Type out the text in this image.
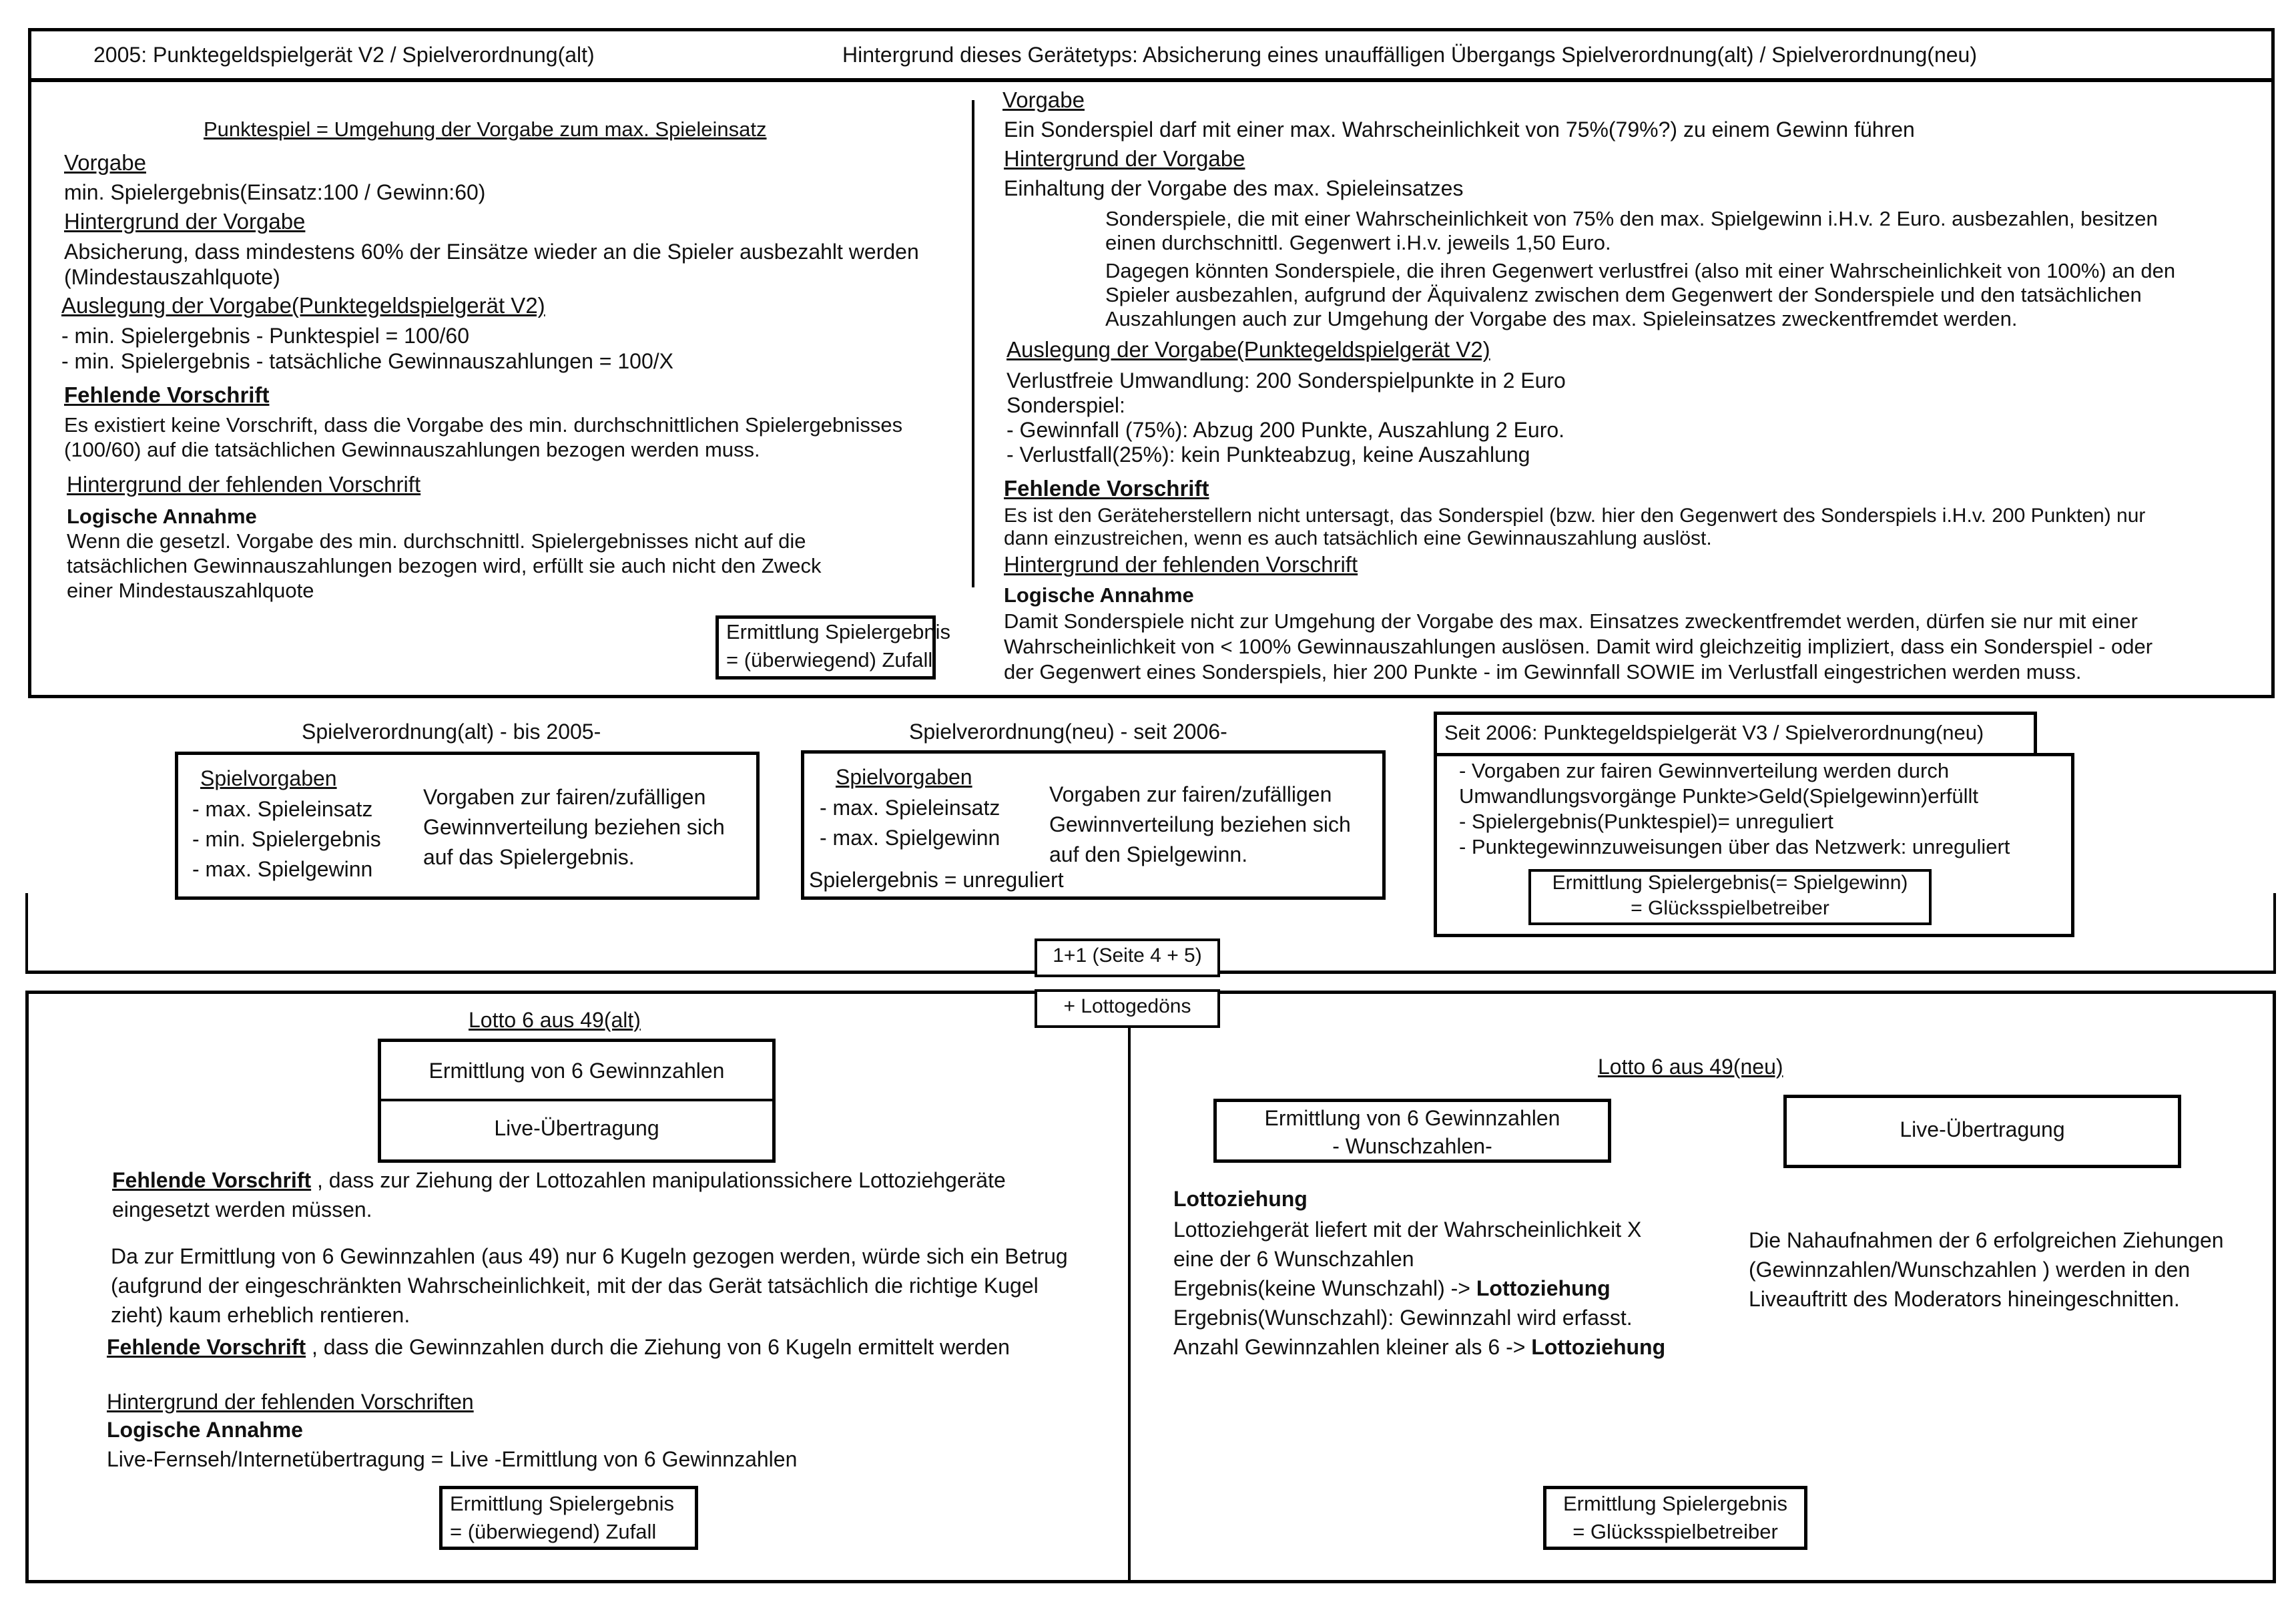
2005: Punktegeldspielgerät V2 / Spielverordnung(alt)	Hintergrund dieses Gerätetyps: Absicherung eines unauffälligen Übergangs Spielverordnung(alt) / Spielverordnung(neu)
Punktespiel = Umgehung der Vorgabe zum max. Spieleinsatz
Vorgabe
min. Spielergebnis(Einsatz:100 / Gewinn:60)
Hintergrund der Vorgabe
Absicherung, dass mindestens 60% der Einsätze wieder an die Spieler ausbezahlt werden
(Mindestauszahlquote)
Auslegung der Vorgabe(Punktegeldspielgerät V2)
- min. Spielergebnis - Punktespiel = 100/60
- min. Spielergebnis - tatsächliche Gewinnauszahlungen = 100/X
Fehlende Vorschrift
Es existiert keine Vorschrift, dass die Vorgabe des min. durchschnittlichen Spielergebnisses
(100/60) auf die tatsächlichen Gewinnauszahlungen bezogen werden muss.
Hintergrund der fehlenden Vorschrift
Logische Annahme
Wenn die gesetzl. Vorgabe des min. durchschnittl. Spielergebnisses nicht auf die
tatsächlichen Gewinnauszahlungen bezogen wird, erfüllt sie auch nicht den Zweck
einer Mindestauszahlquote
Ermittlung Spielergebnis
= (überwiegend) Zufall
Vorgabe
Ein Sonderspiel darf mit einer max. Wahrscheinlichkeit von 75%(79%?) zu einem Gewinn führen
Hintergrund der Vorgabe
Einhaltung der Vorgabe des max. Spieleinsatzes
Sonderspiele, die mit einer Wahrscheinlichkeit von 75% den max. Spielgewinn i.H.v. 2 Euro. ausbezahlen, besitzen
einen durchschnittl. Gegenwert i.H.v. jeweils 1,50 Euro.
Dagegen könnten Sonderspiele, die ihren Gegenwert verlustfrei (also mit einer Wahrscheinlichkeit von 100%) an den
Spieler ausbezahlen, aufgrund der Äquivalenz zwischen dem Gegenwert der Sonderspiele und den tatsächlichen
Auszahlungen auch zur Umgehung der Vorgabe des max. Spieleinsatzes zweckentfremdet werden.
Auslegung der Vorgabe(Punktegeldspielgerät V2)
Verlustfreie Umwandlung: 200 Sonderspielpunkte in 2 Euro
Sonderspiel:
- Gewinnfall (75%): Abzug 200 Punkte, Auszahlung 2 Euro.
- Verlustfall(25%): kein Punkteabzug, keine Auszahlung
Fehlende Vorschrift
Es ist den Geräteherstellern nicht untersagt, das Sonderspiel (bzw. hier den Gegenwert des Sonderspiels i.H.v. 200 Punkten) nur
dann einzustreichen, wenn es auch tatsächlich eine Gewinnauszahlung auslöst.
Hintergrund der fehlenden Vorschrift
Logische Annahme
Damit Sonderspiele nicht zur Umgehung der Vorgabe des max. Einsatzes zweckentfremdet werden, dürfen sie nur mit einer
Wahrscheinlichkeit von < 100% Gewinnauszahlungen auslösen. Damit wird gleichzeitig impliziert, dass ein Sonderspiel - oder
der Gegenwert eines Sonderspiels, hier 200 Punkte - im Gewinnfall SOWIE im Verlustfall eingestrichen werden muss.
Spielverordnung(alt) - bis 2005-
Spielvorgaben
- max. Spieleinsatz
- min. Spielergebnis
- max. Spielgewinn
Vorgaben zur fairen/zufälligen
Gewinnverteilung beziehen sich
auf das Spielergebnis.
Spielverordnung(neu) - seit 2006-
Spielvorgaben
- max. Spieleinsatz
- max. Spielgewinn
Vorgaben zur fairen/zufälligen
Gewinnverteilung beziehen sich
auf den Spielgewinn.
Spielergebnis = unreguliert
Seit 2006: Punktegeldspielgerät V3 / Spielverordnung(neu)
- Vorgaben zur fairen Gewinnverteilung werden durch
Umwandlungsvorgänge Punkte>Geld(Spielgewinn)erfüllt
- Spielergebnis(Punktespiel)= unreguliert
- Punktegewinnzuweisungen über das Netzwerk: unreguliert
Ermittlung Spielergebnis(= Spielgewinn)
= Glücksspielbetreiber
1+1 (Seite 4 + 5)
+ Lottogedöns
Lotto 6 aus 49(alt)
Ermittlung von 6 Gewinnzahlen
Live-Übertragung
Fehlende Vorschrift , dass zur Ziehung der Lottozahlen manipulationssichere Lottoziehgeräte
eingesetzt werden müssen.
Da zur Ermittlung von 6 Gewinnzahlen (aus 49) nur 6 Kugeln gezogen werden, würde sich ein Betrug
(aufgrund der eingeschränkten Wahrscheinlichkeit, mit der das Gerät tatsächlich die richtige Kugel
zieht) kaum erheblich rentieren.
Fehlende Vorschrift , dass die Gewinnzahlen durch die Ziehung von 6 Kugeln ermittelt werden
Hintergrund der fehlenden Vorschriften
Logische Annahme
Live-Fernseh/Internetübertragung = Live -Ermittlung von 6 Gewinnzahlen
Ermittlung Spielergebnis
= (überwiegend) Zufall
Lotto 6 aus 49(neu)
Ermittlung von 6 Gewinnzahlen
- Wunschzahlen-
Live-Übertragung
Lottoziehung
Lottoziehgerät liefert mit der Wahrscheinlichkeit X
eine der 6 Wunschzahlen
Ergebnis(keine Wunschzahl) -> Lottoziehung
Ergebnis(Wunschzahl): Gewinnzahl wird erfasst.
Anzahl Gewinnzahlen kleiner als 6 -> Lottoziehung
Die Nahaufnahmen der 6 erfolgreichen Ziehungen
(Gewinnzahlen/Wunschzahlen ) werden in den
Liveauftritt des Moderators hineingeschnitten.
Ermittlung Spielergebnis
= Glücksspielbetreiber
